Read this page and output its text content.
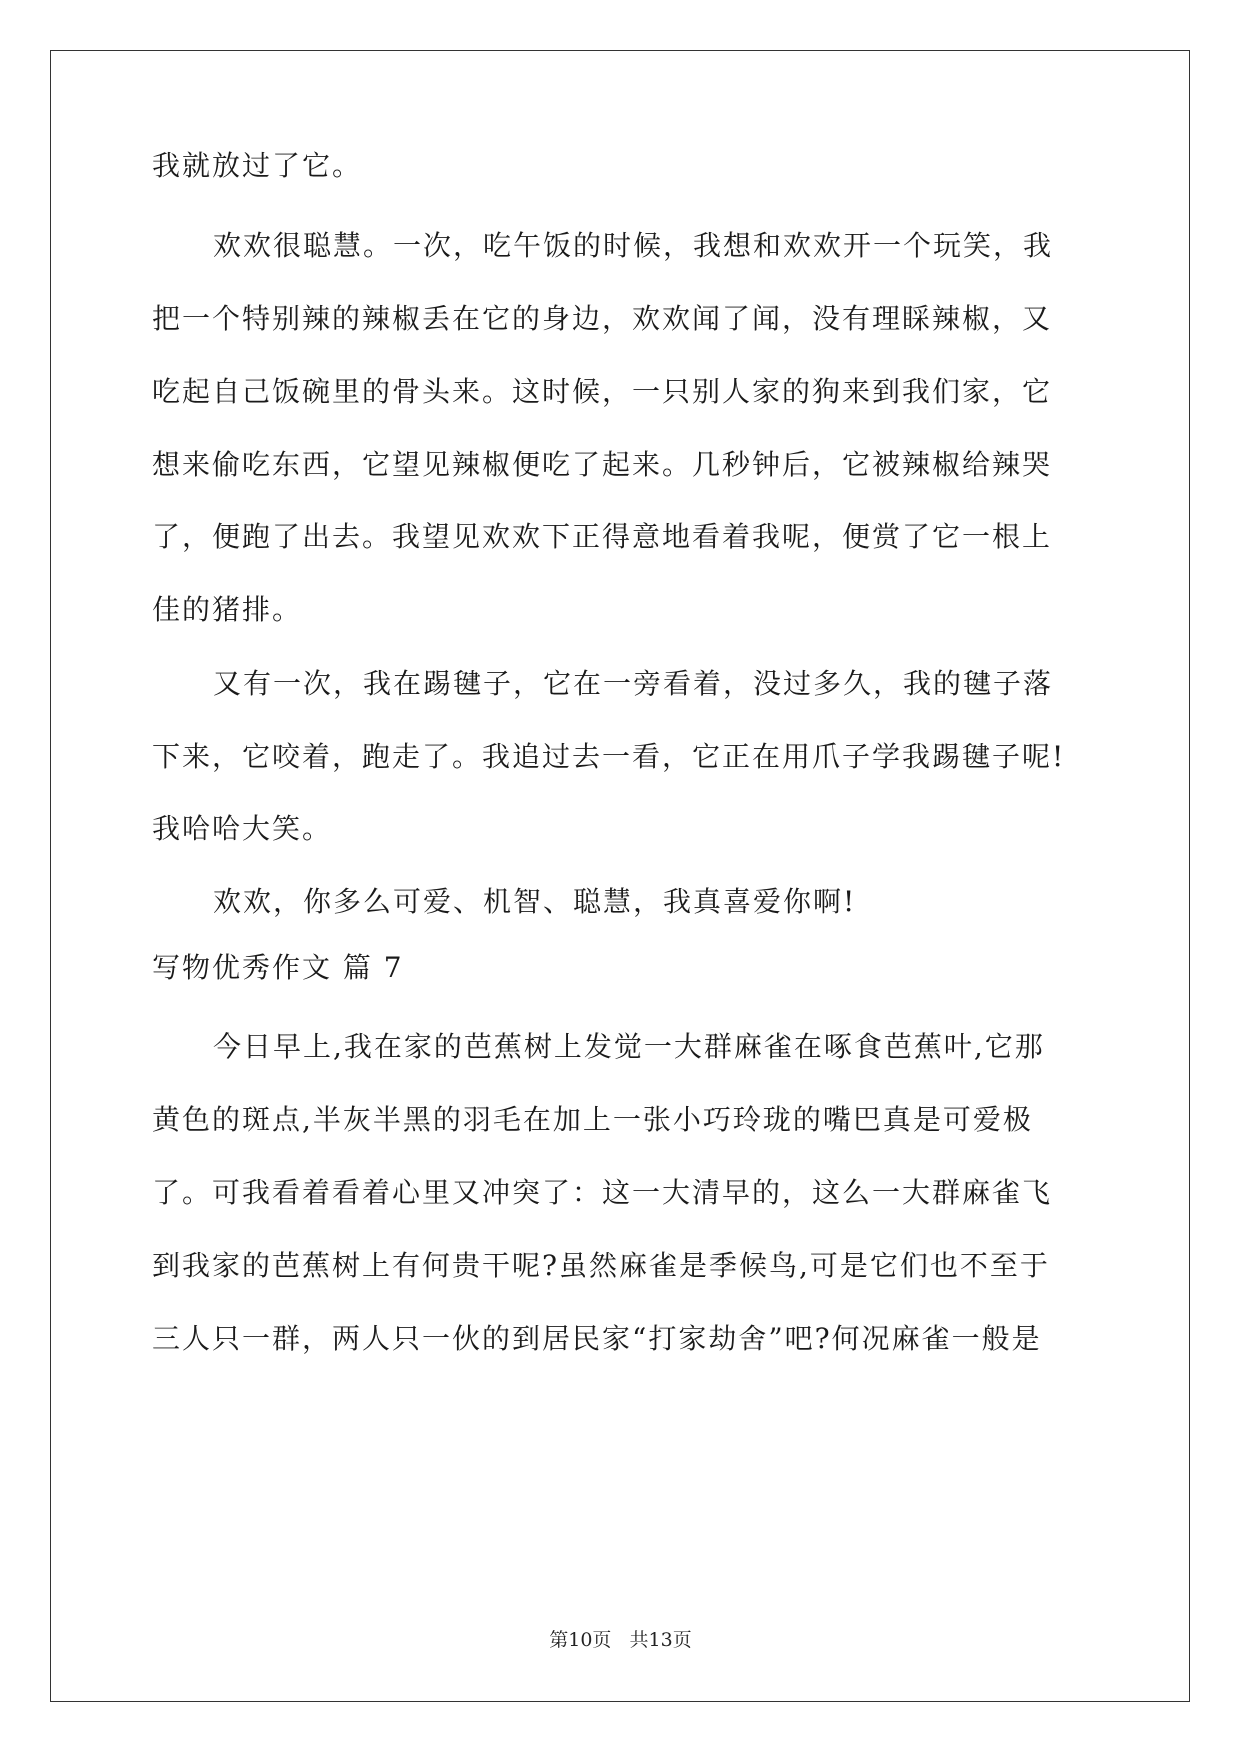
我就放过了它。
欢欢很聪慧。一次，吃午饭的时候，我想和欢欢开一个玩笑，我
把一个特别辣的辣椒丢在它的身边，欢欢闻了闻，没有理睬辣椒，又
吃起自己饭碗里的骨头来。这时候，一只别人家的狗来到我们家，它
想来偷吃东西，它望见辣椒便吃了起来。几秒钟后，它被辣椒给辣哭
了，便跑了出去。我望见欢欢下正得意地看着我呢，便赏了它一根上
佳的猪排。
又有一次，我在踢毽子，它在一旁看着，没过多久，我的毽子落
下来，它咬着，跑走了。我追过去一看，它正在用爪子学我踢毽子呢!
我哈哈大笑。
欢欢，你多么可爱、机智、聪慧，我真喜爱你啊!
写物优秀作文 篇 7
今日早上,我在家的芭蕉树上发觉一大群麻雀在啄食芭蕉叶,它那
黄色的斑点,半灰半黑的羽毛在加上一张小巧玲珑的嘴巴真是可爱极
了。可我看着看着心里又冲突了：这一大清早的，这么一大群麻雀飞
到我家的芭蕉树上有何贵干呢?虽然麻雀是季候鸟,可是它们也不至于
三人只一群，两人只一伙的到居民家“打家劫舍”吧?何况麻雀一般是
第10页   共13页
